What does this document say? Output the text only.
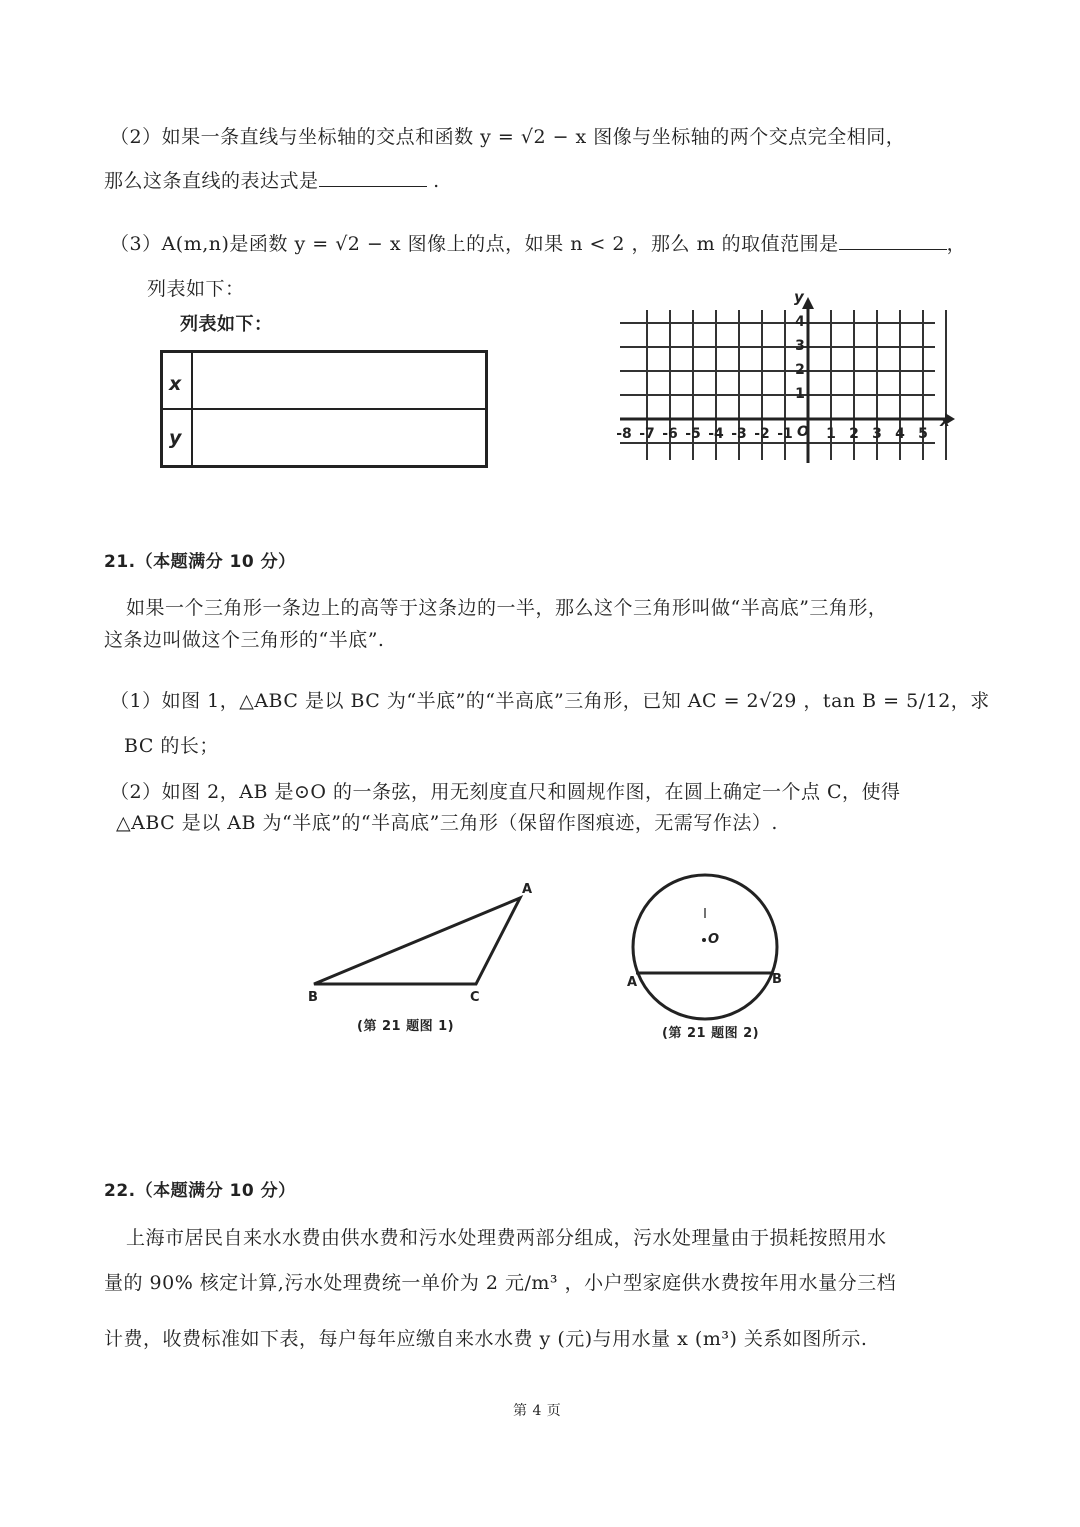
（2）如果一条直线与坐标轴的交点和函数 y = √2 − x 图像与坐标轴的两个交点完全相同，
那么这条直线的表达式是	.
（3）A(m,n)是函数 y = √2 − x 图像上的点，如果 n < 2 ，那么 m 的取值范围是	，
列表如下：
列表如下：
x
y
y
x
O
-8 -7 -6 -5 -4 -3 -2 -1 1 2 3 4 5
1
2
3
4
21.（本题满分 10 分）
如果一个三角形一条边上的高等于这条边的一半，那么这个三角形叫做“半高底”三角形，
这条边叫做这个三角形的“半底”.
（1）如图 1，△ABC 是以 BC 为“半底”的“半高底”三角形，已知 AC = 2√29 ，tan B = 5/12，求
BC 的长；
（2）如图 2，AB 是⊙O 的一条弦，用无刻度直尺和圆规作图，在圆上确定一个点 C，使得
△ABC 是以 AB 为“半底”的“半高底”三角形（保留作图痕迹，无需写作法）.
A
B	C
(第 21 题图 1)
A	B
O
(第 21 题图 2)
22.（本题满分 10 分）
上海市居民自来水水费由供水费和污水处理费两部分组成，污水处理量由于损耗按照用水
量的 90% 核定计算,污水处理费统一单价为 2 元/m³ ，小户型家庭供水费按年用水量分三档
计费，收费标准如下表，每户每年应缴自来水水费 y (元)与用水量 x (m³) 关系如图所示.
第 4 页
